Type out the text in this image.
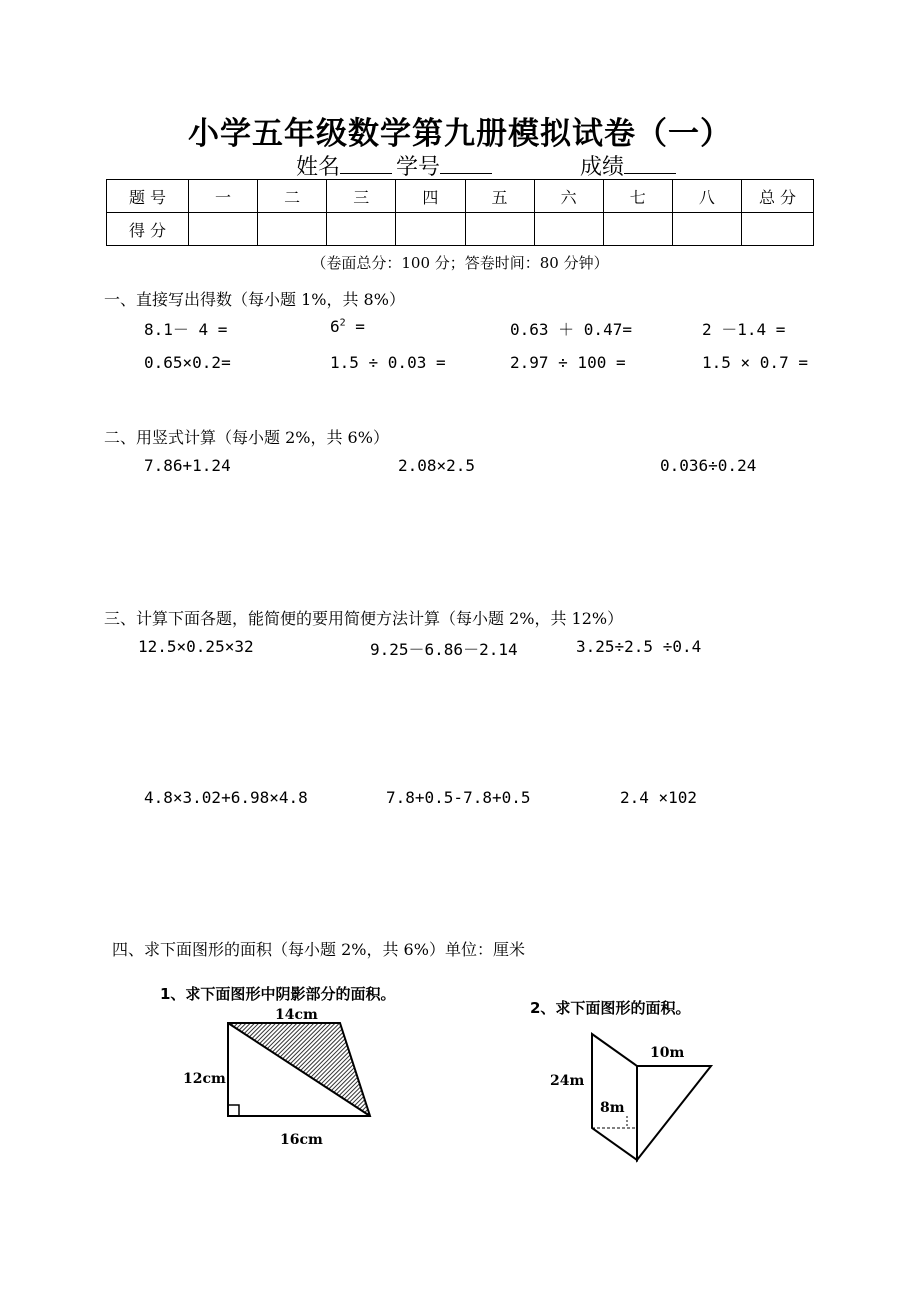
小学五年级数学第九册模拟试卷（一）
姓名	学号	成绩
题 号	一	二	三	四	五	六	七	八	总 分
得 分									
（卷面总分：100 分；答卷时间：80 分钟）
一、直接写出得数（每小题 1%，共 8%）
8.1－ 4 =	$6^2$ =	0.63 ＋ 0.47=	2 －1.4 =
0.65×0.2=	1.5 ÷ 0.03 =	2.97 ÷ 100 =	1.5 × 0.7 =
二、用竖式计算（每小题 2%，共 6%）
7.86+1.24	2.08×2.5	0.036÷0.24
三、计算下面各题，能简便的要用简便方法计算（每小题 2%，共 12%）
12.5×0.25×32	9.25－6.86－2.14	3.25÷2.5 ÷0.4
4.8×3.02+6.98×4.8	7.8+0.5-7.8+0.5	2.4 ×102
四、求下面图形的面积（每小题 2%，共 6%）单位：厘米
1、求下面图形中阴影部分的面积。
2、求下面图形的面积。
14cm
12cm
16cm
10m
24m
8m
